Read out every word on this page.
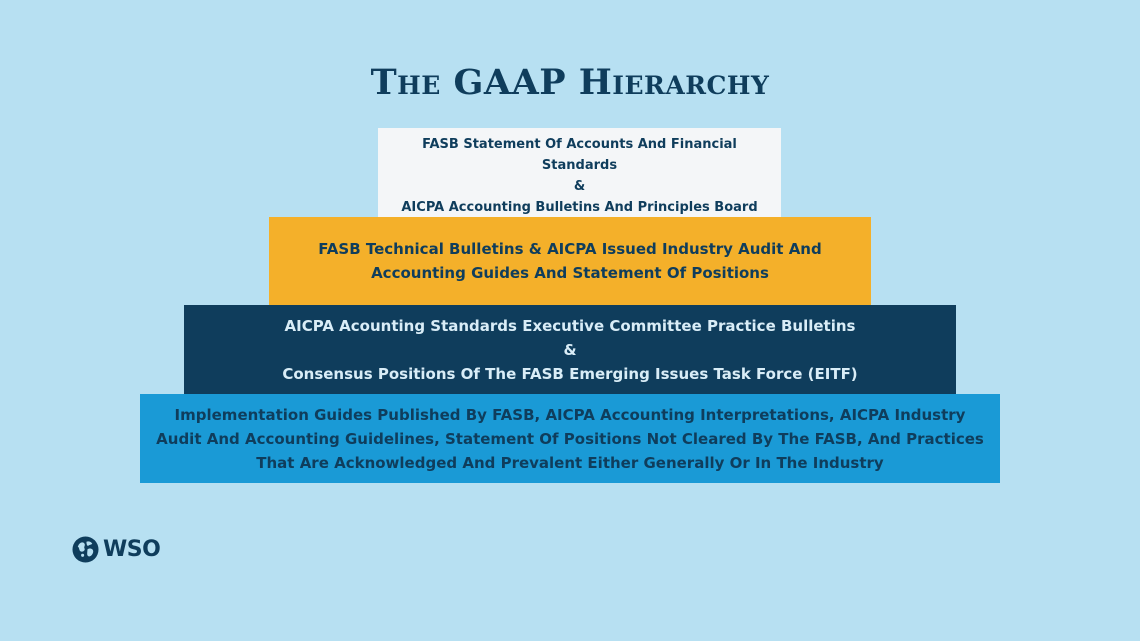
The GAAP Hierarchy
FASB Statement Of Accounts And Financial Standards
&
AICPA Accounting Bulletins And Principles Board
FASB Technical Bulletins & AICPA Issued Industry Audit And Accounting Guides And Statement Of Positions
AICPA Acounting Standards Executive Committee Practice Bulletins
&
Consensus Positions Of The FASB Emerging Issues Task Force (EITF)
Implementation Guides Published By FASB, AICPA Accounting Interpretations, AICPA Industry Audit And Accounting Guidelines, Statement Of Positions Not Cleared By The FASB, And Practices That Are Acknowledged And Prevalent Either Generally Or In The Industry
WSO
